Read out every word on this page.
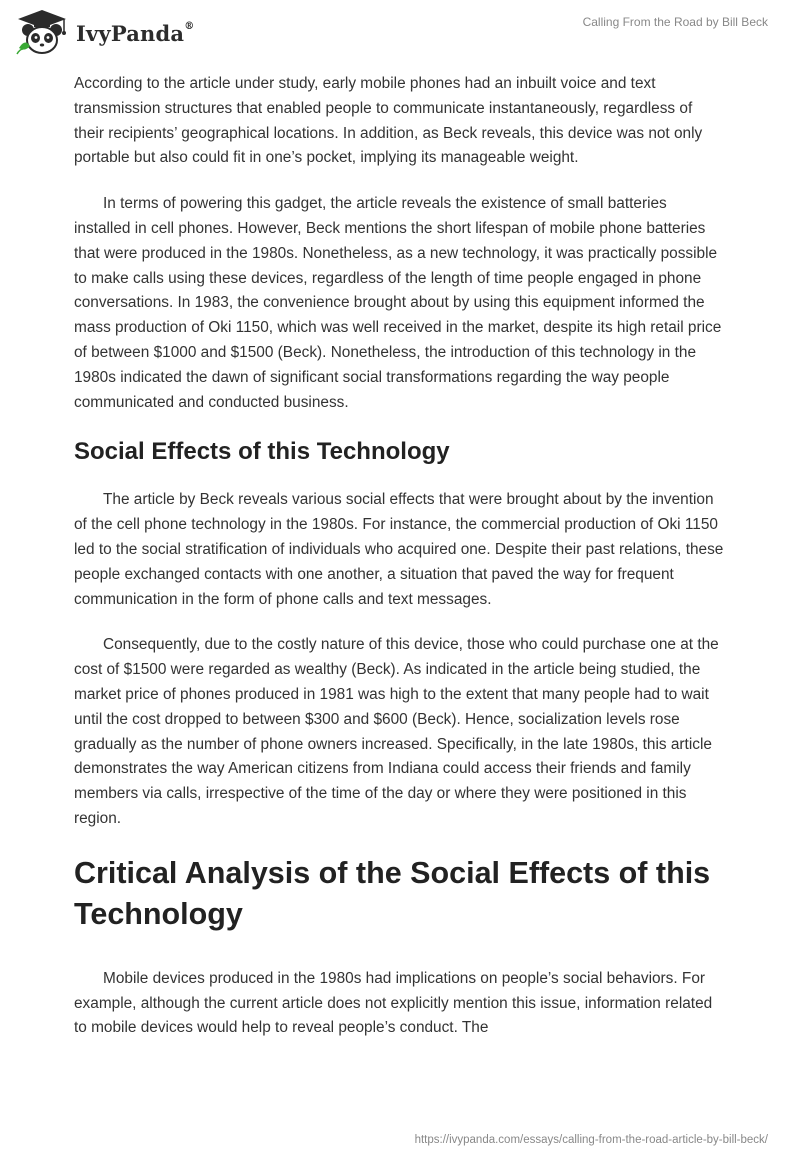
IvyPanda®	Calling From the Road by Bill Beck

According to the article under study, early mobile phones had an inbuilt voice and text transmission structures that enabled people to communicate instantaneously, regardless of their recipients’ geographical locations. In addition, as Beck reveals, this device was not only portable but also could fit in one’s pocket, implying its manageable weight.

In terms of powering this gadget, the article reveals the existence of small batteries installed in cell phones. However, Beck mentions the short lifespan of mobile phone batteries that were produced in the 1980s. Nonetheless, as a new technology, it was practically possible to make calls using these devices, regardless of the length of time people engaged in phone conversations. In 1983, the convenience brought about by using this equipment informed the mass production of Oki 1150, which was well received in the market, despite its high retail price of between $1000 and $1500 (Beck). Nonetheless, the introduction of this technology in the 1980s indicated the dawn of significant social transformations regarding the way people communicated and conducted business.

Social Effects of this Technology

The article by Beck reveals various social effects that were brought about by the invention of the cell phone technology in the 1980s. For instance, the commercial production of Oki 1150 led to the social stratification of individuals who acquired one. Despite their past relations, these people exchanged contacts with one another, a situation that paved the way for frequent communication in the form of phone calls and text messages.

Consequently, due to the costly nature of this device, those who could purchase one at the cost of $1500 were regarded as wealthy (Beck). As indicated in the article being studied, the market price of phones produced in 1981 was high to the extent that many people had to wait until the cost dropped to between $300 and $600 (Beck). Hence, socialization levels rose gradually as the number of phone owners increased. Specifically, in the late 1980s, this article demonstrates the way American citizens from Indiana could access their friends and family members via calls, irrespective of the time of the day or where they were positioned in this region.

Critical Analysis of the Social Effects of this Technology

Mobile devices produced in the 1980s had implications on people’s social behaviors. For example, although the current article does not explicitly mention this issue, information related to mobile devices would help to reveal people’s conduct. The

https://ivypanda.com/essays/calling-from-the-road-article-by-bill-beck/
